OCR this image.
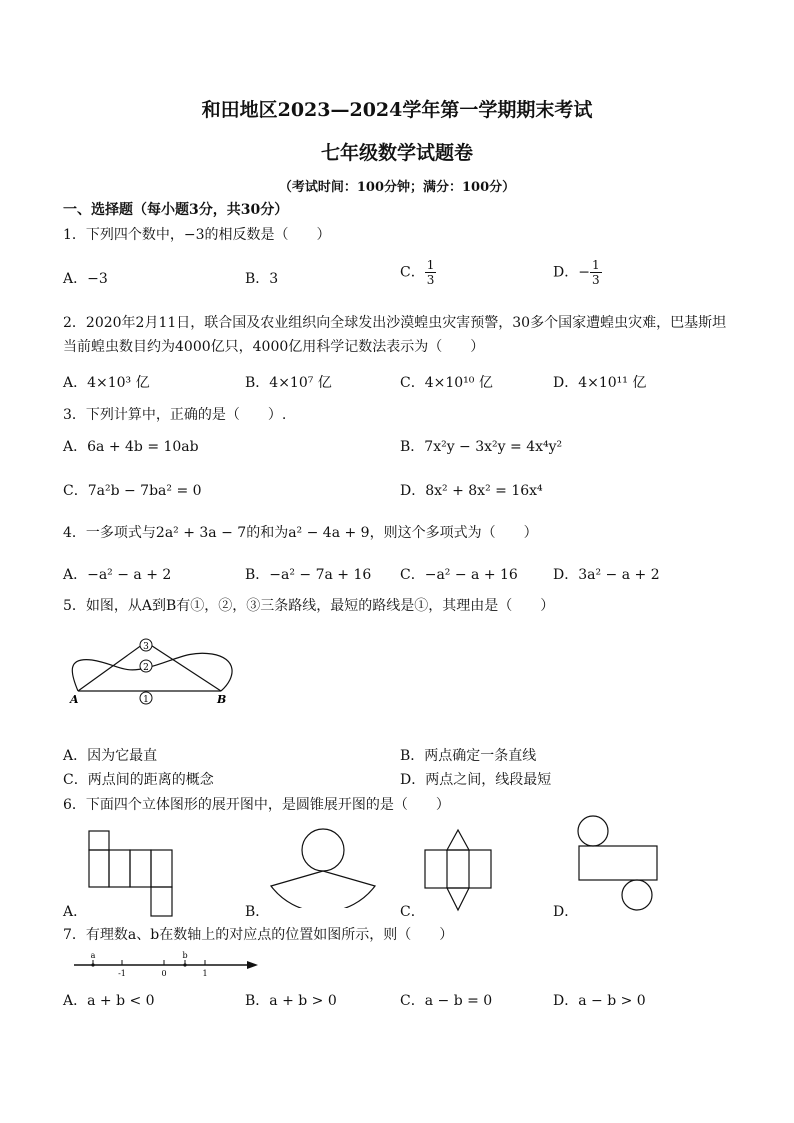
和田地区2023—2024学年第一学期期末考试
七年级数学试题卷
（考试时间：100分钟；满分：100分）
一、选择题（每小题3分，共30分）
1．下列四个数中，−3的相反数是（　　）
A．−3	B．3	C． $\frac{1}{3}$	D．− $\frac{1}{3}$
2．2020年2月11日，联合国及农业组织向全球发出沙漠蝗虫灾害预警，30多个国家遭蝗虫灾难，巴基斯坦
当前蝗虫数目约为4000亿只，4000亿用科学记数法表示为（　　）
A．4×10³ 亿	B．4×10⁷ 亿	C．4×10¹⁰ 亿	D．4×10¹¹ 亿
3．下列计算中，正确的是（　　）.
A．6a + 4b = 10ab	B．7x²y − 3x²y = 4x⁴y²
C．7a²b − 7ba² = 0	D．8x² + 8x² = 16x⁴
4．一多项式与2a² + 3a − 7的和为a² − 4a + 9，则这个多项式为（　　）
A．−a² − a + 2	B．−a² − 7a + 16 C．−a² − a + 16	D．3a² − a + 2
5．如图，从A到B有①，②，③三条路线，最短的路线是①，其理由是（　　）
3
2
1
A	B
A．因为它最直	B．两点确定一条直线
C．两点间的距离的概念	D．两点之间，线段最短
6．下面四个立体图形的展开图中，是圆锥展开图的是（　　）
A．	B．	C．	D．
7．有理数a、b在数轴上的对应点的位置如图所示，则（　　）
a	b
-1	0	1
A．a + b < 0	B．a + b > 0	C．a − b = 0	D．a − b > 0
